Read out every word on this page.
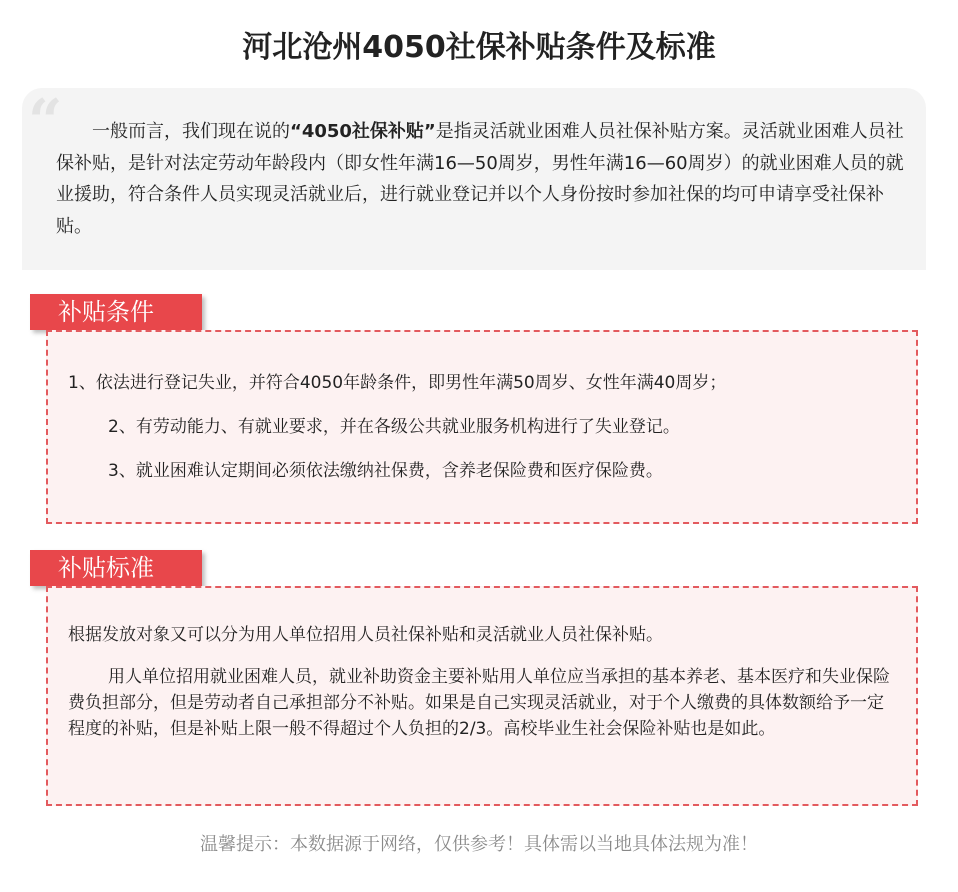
河北沧州4050社保补贴条件及标准
“	一般而言，我们现在说的“4050社保补贴”是指灵活就业困难人员社保补贴方案。灵活就业困难人员社保补贴，是针对法定劳动年龄段内（即女性年满16—50周岁，男性年满16—60周岁）的就业困难人员的就业援助，符合条件人员实现灵活就业后，进行就业登记并以个人身份按时参加社保的均可申请享受社保补贴。
补贴条件
1、依法进行登记失业，并符合4050年龄条件，即男性年满50周岁、女性年满40周岁；
2、有劳动能力、有就业要求，并在各级公共就业服务机构进行了失业登记。
3、就业困难认定期间必须依法缴纳社保费，含养老保险费和医疗保险费。
补贴标准
根据发放对象又可以分为用人单位招用人员社保补贴和灵活就业人员社保补贴。
用人单位招用就业困难人员，就业补助资金主要补贴用人单位应当承担的基本养老、基本医疗和失业保险费负担部分，但是劳动者自己承担部分不补贴。如果是自己实现灵活就业，对于个人缴费的具体数额给予一定程度的补贴，但是补贴上限一般不得超过个人负担的2/3。高校毕业生社会保险补贴也是如此。
温馨提示：本数据源于网络，仅供参考！具体需以当地具体法规为准！
